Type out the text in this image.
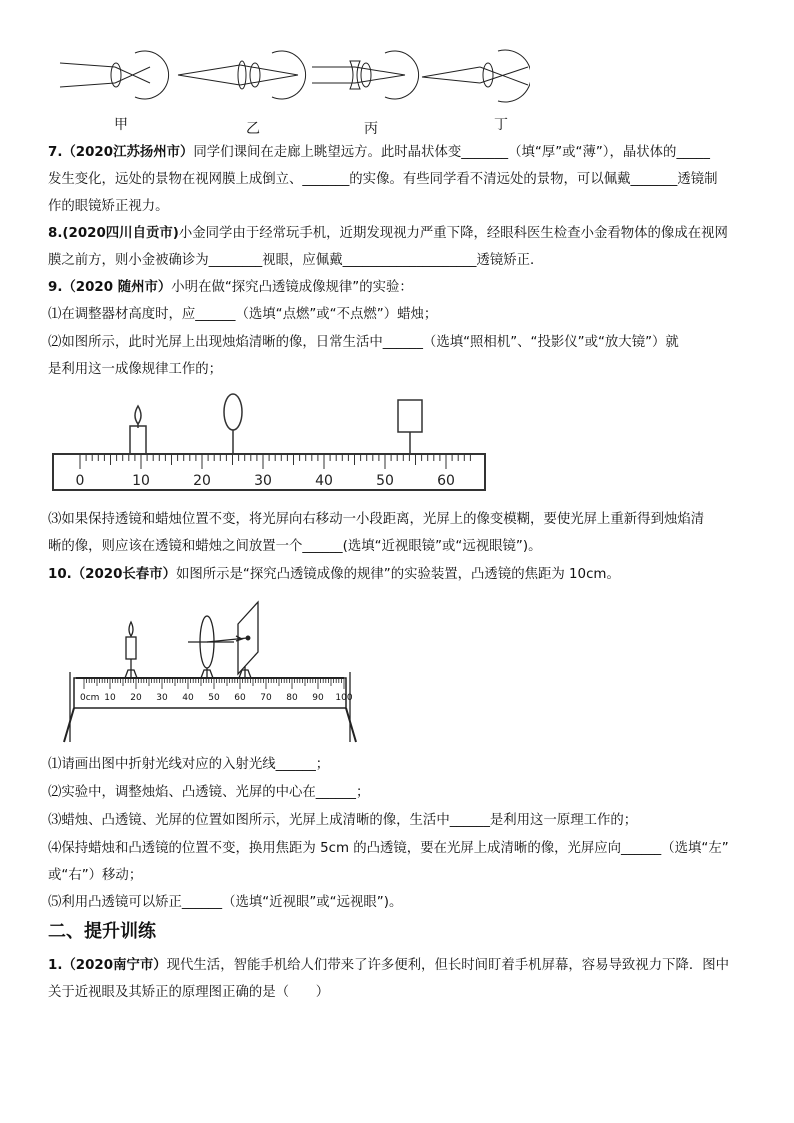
甲	乙	丙	丁
7.（2020江苏扬州市）同学们课间在走廊上眺望远方。此时晶状体变_______（填“厚”或“薄”），晶状体的_____
发生变化，远处的景物在视网膜上成倒立、_______的实像。有些同学看不清远处的景物，可以佩戴_______透镜制
作的眼镜矫正视力。
8.(2020四川自贡市)小金同学由于经常玩手机，近期发现视力严重下降，经眼科医生检查小金看物体的像成在视网
膜之前方，则小金被确诊为________视眼，应佩戴____________________透镜矫正．
9.（2020 随州市）小明在做“探究凸透镜成像规律”的实验：
⑴在调整器材高度时，应______（选填“点燃”或“不点燃”）蜡烛；
⑵如图所示，此时光屏上出现烛焰清晰的像，日常生活中______（选填“照相机”、“投影仪”或“放大镜”）就
是利用这一成像规律工作的；
0	10	20	30	40	50	60
⑶如果保持透镜和蜡烛位置不变，将光屏向右移动一小段距离，光屏上的像变模糊，要使光屏上重新得到烛焰清
晰的像，则应该在透镜和蜡烛之间放置一个______(选填“近视眼镜”或“远视眼镜”)。
10.（2020长春市）如图所示是“探究凸透镜成像的规律”的实验装置，凸透镜的焦距为 10cm。
0cm 10 20 30 40 50 60 70 80 90 100
⑴请画出图中折射光线对应的入射光线______；
⑵实验中，调整烛焰、凸透镜、光屏的中心在______；
⑶蜡烛、凸透镜、光屏的位置如图所示，光屏上成清晰的像，生活中______是利用这一原理工作的；
⑷保持蜡烛和凸透镜的位置不变，换用焦距为 5cm 的凸透镜，要在光屏上成清晰的像，光屏应向______（选填“左”
或“右”）移动；
⑸利用凸透镜可以矫正______（选填“近视眼”或“远视眼”)。
二、提升训练
1.（2020南宁市）现代生活，智能手机给人们带来了许多便利，但长时间盯着手机屏幕，容易导致视力下降．图中
关于近视眼及其矫正的原理图正确的是（　　）
